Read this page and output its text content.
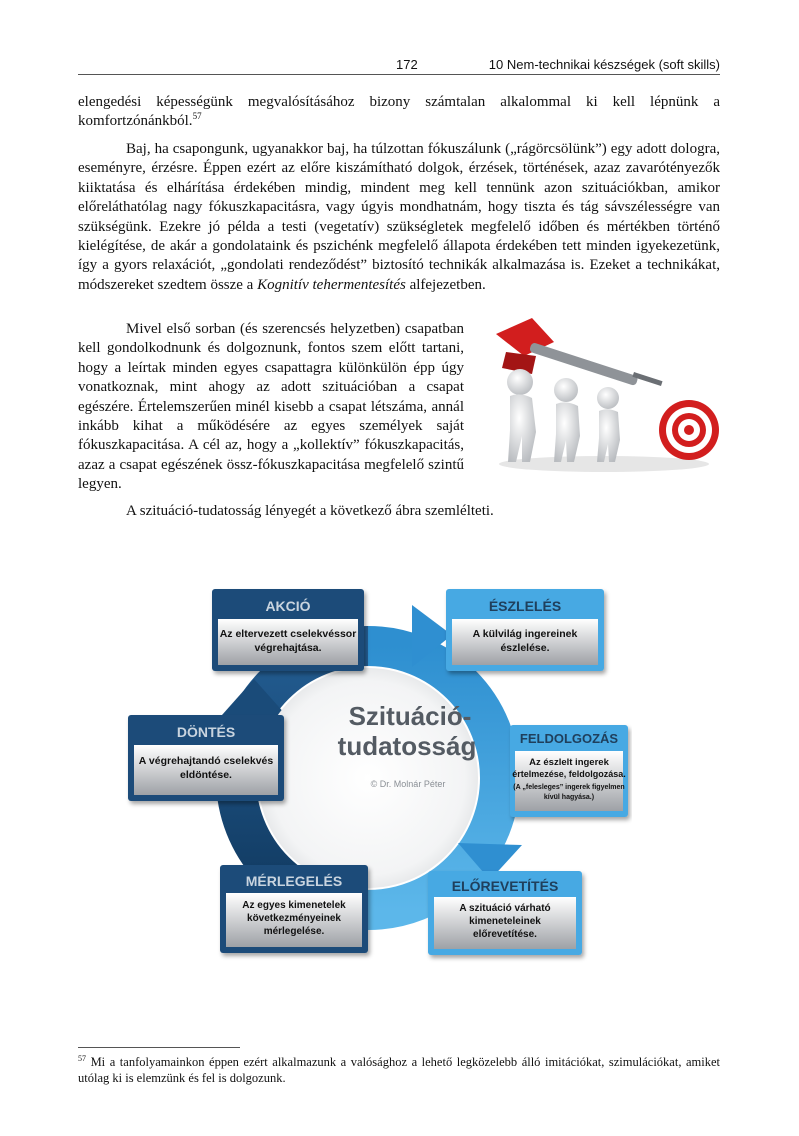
172	10 Nem-technikai készségek (soft skills)

elengedési képességünk megvalósításához bizony számtalan alkalommal ki kell lépnünk a komfortzónánkból.$^{57}$

Baj, ha csapongunk, ugyanakkor baj, ha túlzottan fókuszálunk („rágörcsölünk”) egy adott dologra, eseményre, érzésre. Éppen ezért az előre kiszámítható dolgok, érzések, történések, azaz zavarótényezők kiiktatása és elhárítása érdekében mindig, mindent meg kell tennünk azon szituációkban, amikor előreláthatólag nagy fókuszkapacitásra, vagy úgyis mondhatnám, hogy tiszta és tág sávszélességre van szükségünk. Ezekre jó példa a testi (vegetatív) szükségletek megfelelő időben és mértékben történő kielégítése, de akár a gondolataink és pszichénk megfelelő állapota érdekében tett minden igyekezetünk, így a gyors relaxációt, „gondolati rendeződést” biztosító technikák alkalmazása is. Ezeket a technikákat, módszereket szedtem össze a Kognitív tehermentesítés alfejezetben.

Mivel első sorban (és szerencsés helyzetben) csapatban kell gondolkodnunk és dolgoznunk, fontos szem előtt tartani, hogy a leírtak minden egyes csapattagra különkülön épp úgy vonatkoznak, mint ahogy az adott szituációban a csapat egészére. Értelemszerűen minél kisebb a csapat létszáma, annál inkább kihat a működésére az egyes személyek saját fókuszkapacitása. A cél az, hogy a „kollektív” fókuszkapacitás, azaz a csapat egészének össz-fókuszkapacitása megfelelő szintű legyen.

A szituáció-tudatosság lényegét a következő ábra szemlélteti.

Szituáció-
tudatosság
© Dr. Molnár Péter
AKCIÓ
Az eltervezett cselekvéssor
végrehajtása.
ÉSZLELÉS
A külvilág ingereinek
észlelése.
DÖNTÉS
A végrehajtandó cselekvés
eldöntése.
FELDOLGOZÁS
Az észlelt ingerek
értelmezése, feldolgozása.
(A „felesleges” ingerek figyelmen
kívül hagyása.)
MÉRLEGELÉS
Az egyes kimenetelek
következményeinek
mérlegelése.
ELŐREVETÍTÉS
A szituáció várható
kimeneteleinek
előrevetítése.

$^{57}$ Mi a tanfolyamainkon éppen ezért alkalmazunk a valósághoz a lehető legközelebb álló imitációkat, szimulációkat, amiket utólag ki is elemzünk és fel is dolgozunk.
